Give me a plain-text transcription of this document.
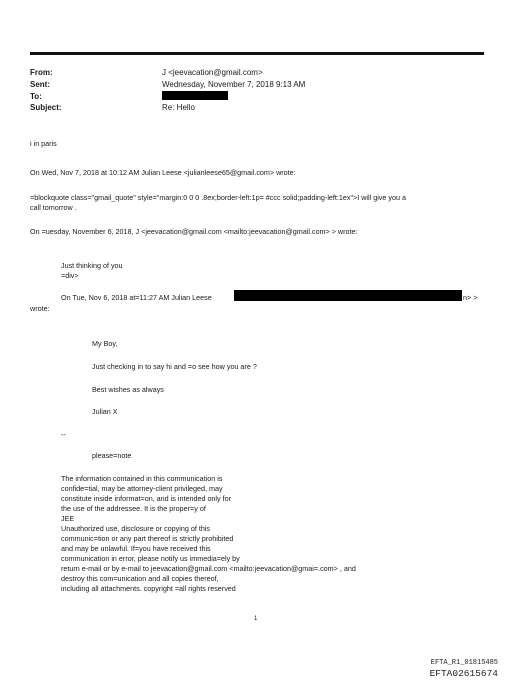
From:	J <jeevacation@gmail.com>
Sent:	Wednesday, November 7, 2018 9:13 AM
To:
Subject:	Re: Hello
i in paris
On Wed, Nov 7, 2018 at 10:12 AM Julian Leese <julianleese65@gmail.com> wrote:
=blockquote class="gmail_quote" style="margin:0 0 0 .8ex;border-left:1p= #ccc solid;padding-left:1ex">I will give you a
call tomorrow .
On =uesday, November 6, 2018, J <jeevacation@gmail.com <mailto:jeevacation@gmail.com> > wrote:
Just thinking of you
=div>
On Tue, Nov 6, 2018 at=11:27 AM Julian Leese	n> >
wrote:
My Boy,
Just checking in to say hi and =o see how you are ?
Best wishes as always
Julian X
--
please=note
The information contained in this communication is
confide=tial, may be attorney-client privileged, may
constitute inside informat=on, and is intended only for
the use of the addressee. It is the proper=y of
JEE
Unauthorized use, disclosure or copying of this
communic=tion or any part thereof is strictly prohibited
and may be unlawful. If=you have received this
communication in error, please notify us immedia=ely by
return e-mail or by e-mail to jeevacation@gmail.com <mailto:jeevacation@gmai=.com> , and
destroy this com=unication and all copies thereof,
including all attachments. copyright =all rights reserved
1
EFTA_R1_01815485
EFTA02615674
